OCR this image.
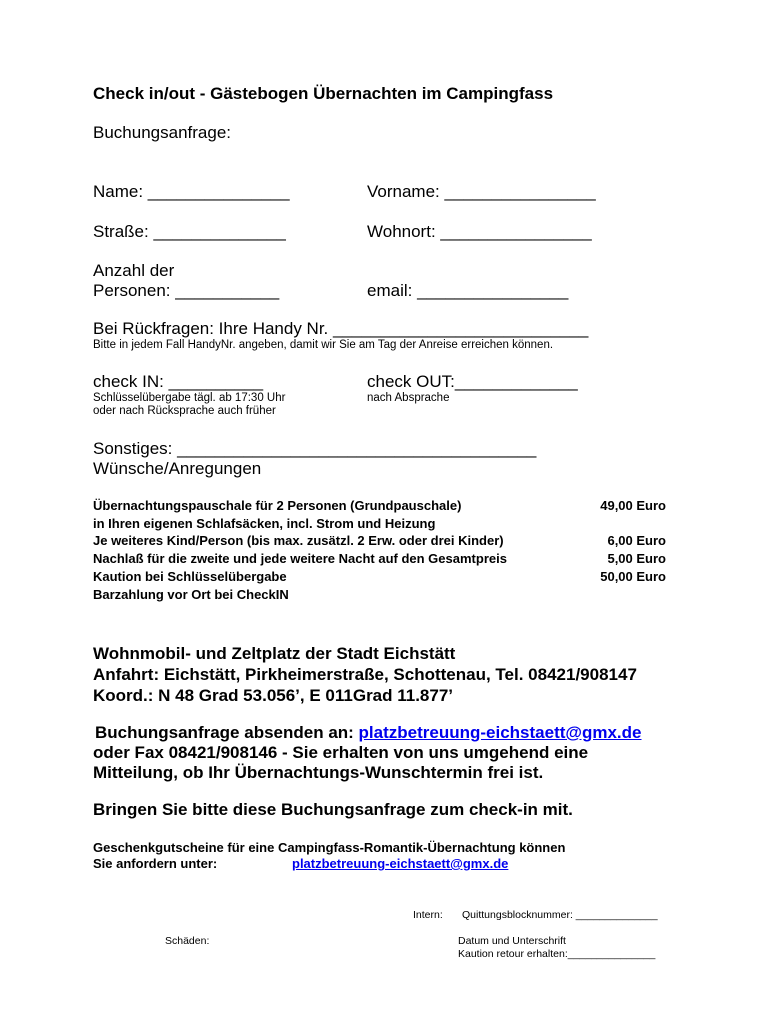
Check in/out - Gästebogen Übernachten im Campingfass
Buchungsanfrage:
Name: _______________	Vorname: ________________
Straße: ______________	Wohnort: ________________
Anzahl der
Personen: ___________	email: ________________
Bei Rückfragen: Ihre Handy Nr. ___________________________
Bitte in jedem Fall HandyNr. angeben, damit wir Sie am Tag der Anreise erreichen können.
check IN: __________
Schlüsselübergabe tägl. ab 17:30 Uhr
oder nach Rücksprache auch früher
check OUT:_____________
nach Absprache
Sonstiges: ______________________________________
Wünsche/Anregungen
Übernachtungspauschale für 2 Personen (Grundpauschale)	49,00 Euro
in Ihren eigenen Schlafsäcken, incl. Strom und Heizung
Je weiteres Kind/Person (bis max. zusätzl. 2 Erw. oder drei Kinder)	6,00 Euro
Nachlaß für die zweite und jede weitere Nacht auf den Gesamtpreis	5,00 Euro
Kaution bei Schlüsselübergabe	50,00 Euro
Barzahlung vor Ort bei CheckIN
Wohnmobil- und Zeltplatz der Stadt Eichstätt
Anfahrt: Eichstätt, Pirkheimerstraße, Schottenau, Tel. 08421/908147
Koord.: N 48 Grad 53.056’, E 011Grad 11.877’
Buchungsanfrage absenden an: platzbetreuung-eichstaett@gmx.de
oder Fax 08421/908146 - Sie erhalten von uns umgehend eine
Mitteilung, ob Ihr Übernachtungs-Wunschtermin frei ist.
Bringen Sie bitte diese Buchungsanfrage zum check-in mit.
Geschenkgutscheine für eine Campingfass-Romantik-Übernachtung können
Sie anfordern unter:	platzbetreuung-eichstaett@gmx.de
Intern: Quittungsblocknummer: ______________
Schäden:	Datum und Unterschrift
Kaution retour erhalten:_______________
